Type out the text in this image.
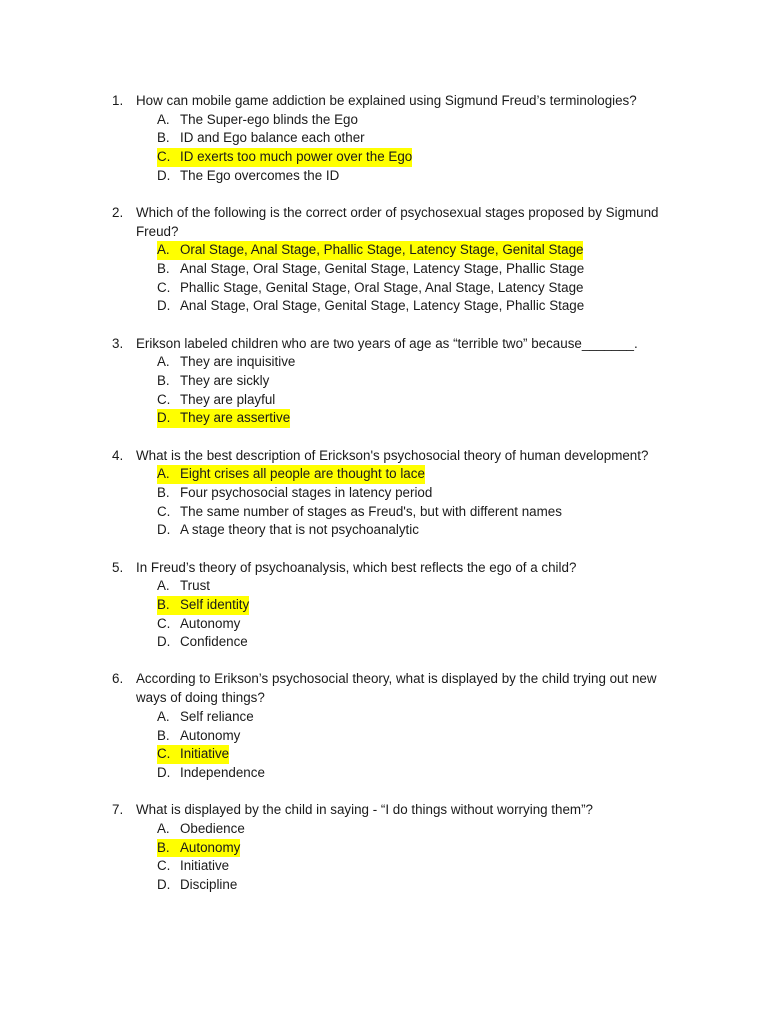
1. How can mobile game addiction be explained using Sigmund Freud’s terminologies?
A. The Super-ego blinds the Ego
B. ID and Ego balance each other
C. ID exerts too much power over the Ego
D. The Ego overcomes the ID
2. Which of the following is the correct order of psychosexual stages proposed by Sigmund Freud?
A. Oral Stage, Anal Stage, Phallic Stage, Latency Stage, Genital Stage
B. Anal Stage, Oral Stage, Genital Stage, Latency Stage, Phallic Stage
C. Phallic Stage, Genital Stage, Oral Stage, Anal Stage, Latency Stage
D. Anal Stage, Oral Stage, Genital Stage, Latency Stage, Phallic Stage
3. Erikson labeled children who are two years of age as “terrible two” because_______.
A. They are inquisitive
B. They are sickly
C. They are playful
D. They are assertive
4. What is the best description of Erickson's psychosocial theory of human development?
A. Eight crises all people are thought to lace
B. Four psychosocial stages in latency period
C. The same number of stages as Freud's, but with different names
D. A stage theory that is not psychoanalytic
5. In Freud’s theory of psychoanalysis, which best reflects the ego of a child?
A. Trust
B. Self identity
C. Autonomy
D. Confidence
6. According to Erikson’s psychosocial theory, what is displayed by the child trying out new ways of doing things?
A. Self reliance
B. Autonomy
C. Initiative
D. Independence
7. What is displayed by the child in saying - “I do things without worrying them”?
A. Obedience
B. Autonomy
C. Initiative
D. Discipline
